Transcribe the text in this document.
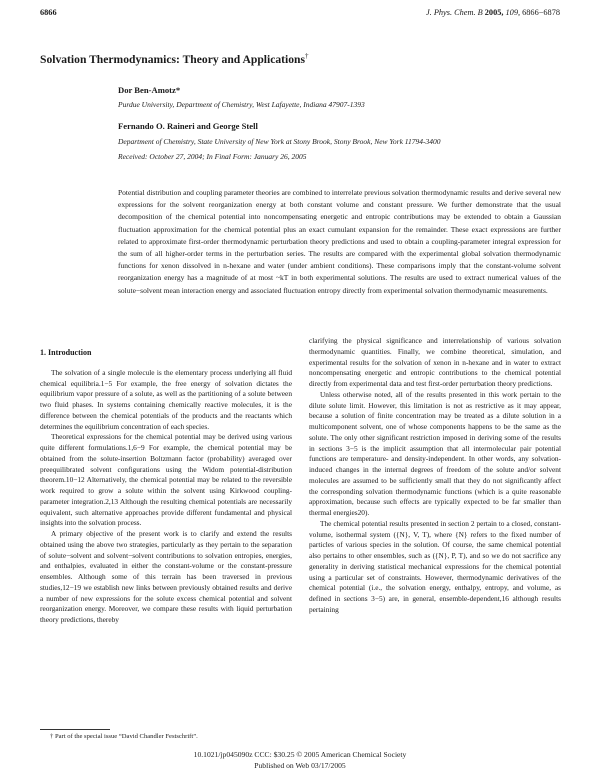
6866	J. Phys. Chem. B 2005, 109, 6866−6878
Solvation Thermodynamics: Theory and Applications†
Dor Ben-Amotz*
Purdue University, Department of Chemistry, West Lafayette, Indiana 47907-1393
Fernando O. Raineri and George Stell
Department of Chemistry, State University of New York at Stony Brook, Stony Brook, New York 11794-3400
Received: October 27, 2004; In Final Form: January 26, 2005
Potential distribution and coupling parameter theories are combined to interrelate previous solvation thermodynamic results and derive several new expressions for the solvent reorganization energy at both constant volume and constant pressure. We further demonstrate that the usual decomposition of the chemical potential into noncompensating energetic and entropic contributions may be extended to obtain a Gaussian fluctuation approximation for the chemical potential plus an exact cumulant expansion for the remainder. These exact expressions are further related to approximate first-order thermodynamic perturbation theory predictions and used to obtain a coupling-parameter integral expression for the sum of all higher-order terms in the perturbation series. The results are compared with the experimental global solvation thermodynamic functions for xenon dissolved in n-hexane and water (under ambient conditions). These comparisons imply that the constant-volume solvent reorganization energy has a magnitude of at most ~kT in both experimental solutions. The results are used to extract numerical values of the solute−solvent mean interaction energy and associated fluctuation entropy directly from experimental solvation thermodynamic measurements.
1. Introduction

The solvation of a single molecule is the elementary process underlying all fluid chemical equilibria.1−5 For example, the free energy of solvation dictates the equilibrium vapor pressure of a solute, as well as the partitioning of a solute between two fluid phases. In systems containing chemically reactive molecules, it is the difference between the chemical potentials of the products and the reactants which determines the equilibrium concentration of each species.

Theoretical expressions for the chemical potential may be derived using various quite different formulations.1,6−9 For example, the chemical potential may be obtained from the solute-insertion Boltzmann factor (probability) averaged over preequilibrated solvent configurations using the Widom potential-distribution theorem.10−12 Alternatively, the chemical potential may be related to the reversible work required to grow a solute within the solvent using Kirkwood coupling-parameter integration.2,13 Although the resulting chemical potentials are necessarily equivalent, such alternative approaches provide different fundamental and physical insights into the solvation process.

A primary objective of the present work is to clarify and extend the results obtained using the above two strategies, particularly as they pertain to the separation of solute−solvent and solvent−solvent contributions to solvation entropies, energies, and enthalpies, evaluated in either the constant-volume or the constant-pressure ensembles. Although some of this terrain has been traversed in previous studies,12−19 we establish new links between previously obtained results and derive a number of new expressions for the solute excess chemical potential and solvent reorganization energy. Moreover, we compare these results with liquid perturbation theory predictions, thereby

clarifying the physical significance and interrelationship of various solvation thermodynamic quantities. Finally, we combine theoretical, simulation, and experimental results for the solvation of xenon in n-hexane and in water to extract noncompensating energetic and entropic contributions to the chemical potential directly from experimental data and test first-order perturbation theory predictions.

Unless otherwise noted, all of the results presented in this work pertain to the dilute solute limit. However, this limitation is not as restrictive as it may appear, because a solution of finite concentration may be treated as a dilute solution in a multicomponent solvent, one of whose components happens to be the same as the solute. The only other significant restriction imposed in deriving some of the results in sections 3−5 is the implicit assumption that all intermolecular pair potential functions are temperature- and density-independent. In other words, any solvation-induced changes in the internal degrees of freedom of the solute and/or solvent molecules are assumed to be sufficiently small that they do not significantly affect the corresponding solvation thermodynamic functions (which is a quite reasonable approximation, because such effects are typically expected to be far smaller than thermal energies20).

The chemical potential results presented in section 2 pertain to a closed, constant-volume, isothermal system ({N}, V, T), where {N} refers to the fixed number of particles of various species in the solution. Of course, the same chemical potential also pertains to other ensembles, such as ({N}, P, T), and so we do not sacrifice any generality in deriving statistical mechanical expressions for the chemical potential using a particular set of constraints. However, thermodynamic derivatives of the chemical potential (i.e., the solvation energy, enthalpy, entropy, and volume, as defined in sections 3−5) are, in general, ensemble-dependent,16 although results pertaining

† Part of the special issue “David Chandler Festschrift”.
10.1021/jp045090z CCC: $30.25 © 2005 American Chemical Society
Published on Web 03/17/2005
